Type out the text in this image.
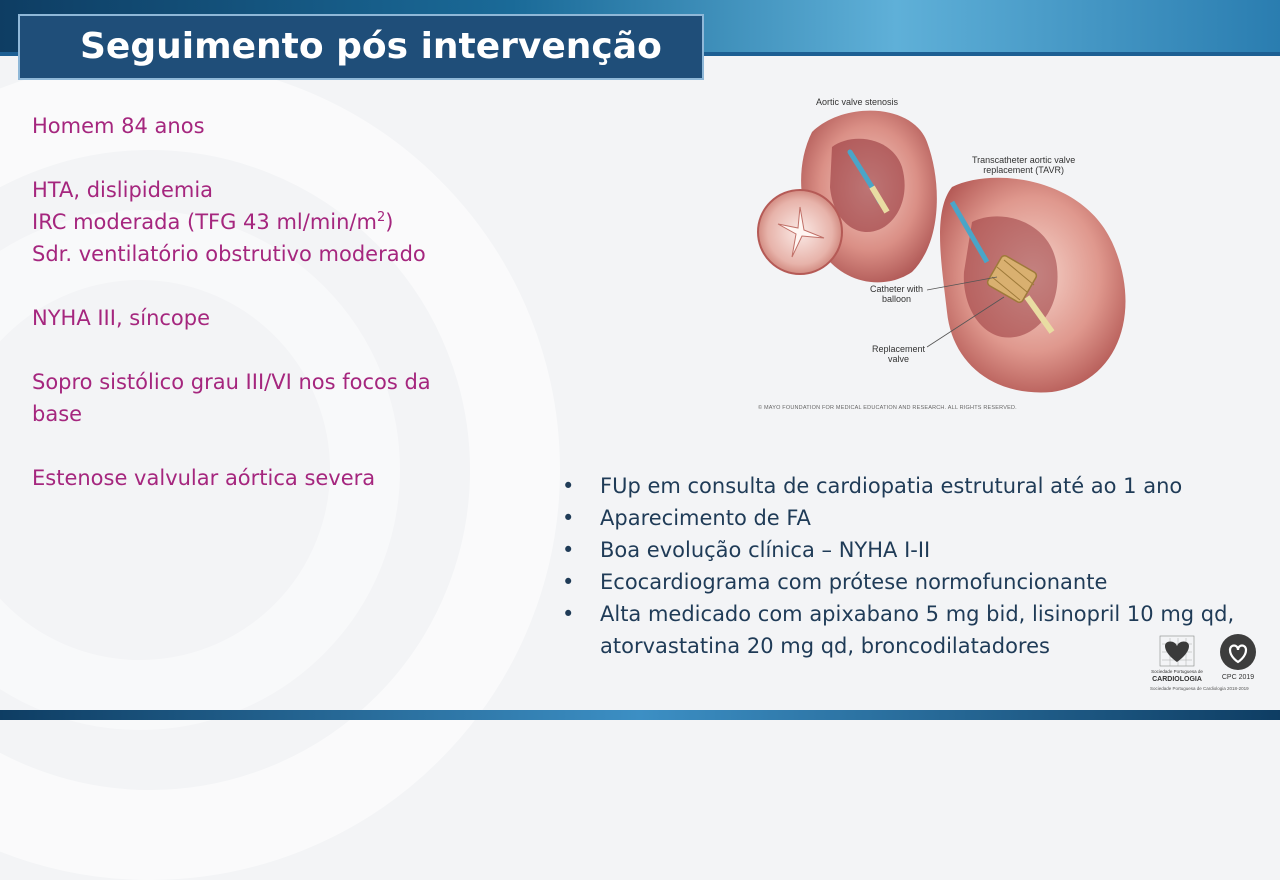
Seguimento pós intervenção
Homem 84 anos
HTA, dislipidemia
IRC moderada (TFG 43 $ml/\min/m^2$)
Sdr. ventilatório obstrutivo moderado
NYHA III, síncope
Sopro sistólico grau III/VI nos focos da
base
Estenose valvular aórtica severa
Aortic valve stenosis
Transcatheter aortic valve
replacement (TAVR)
Catheter with
balloon
Replacement
valve
© MAYO FOUNDATION FOR MEDICAL EDUCATION AND RESEARCH. ALL RIGHTS RESERVED.
• FUp em consulta de cardiopatia estrutural até ao 1 ano
• Aparecimento de FA
• Boa evolução clínica – NYHA I-II
• Ecocardiograma com prótese normofuncionante
• Alta medicado com apixabano 5 mg bid, lisinopril 10 mg qd, atorvastatina 20 mg qd, broncodilatadores
Sociedade Portuguesa de
CARDIOLOGIA	CPC 2019
Sociedade Portuguesa de Cardiologia 2018-2019
